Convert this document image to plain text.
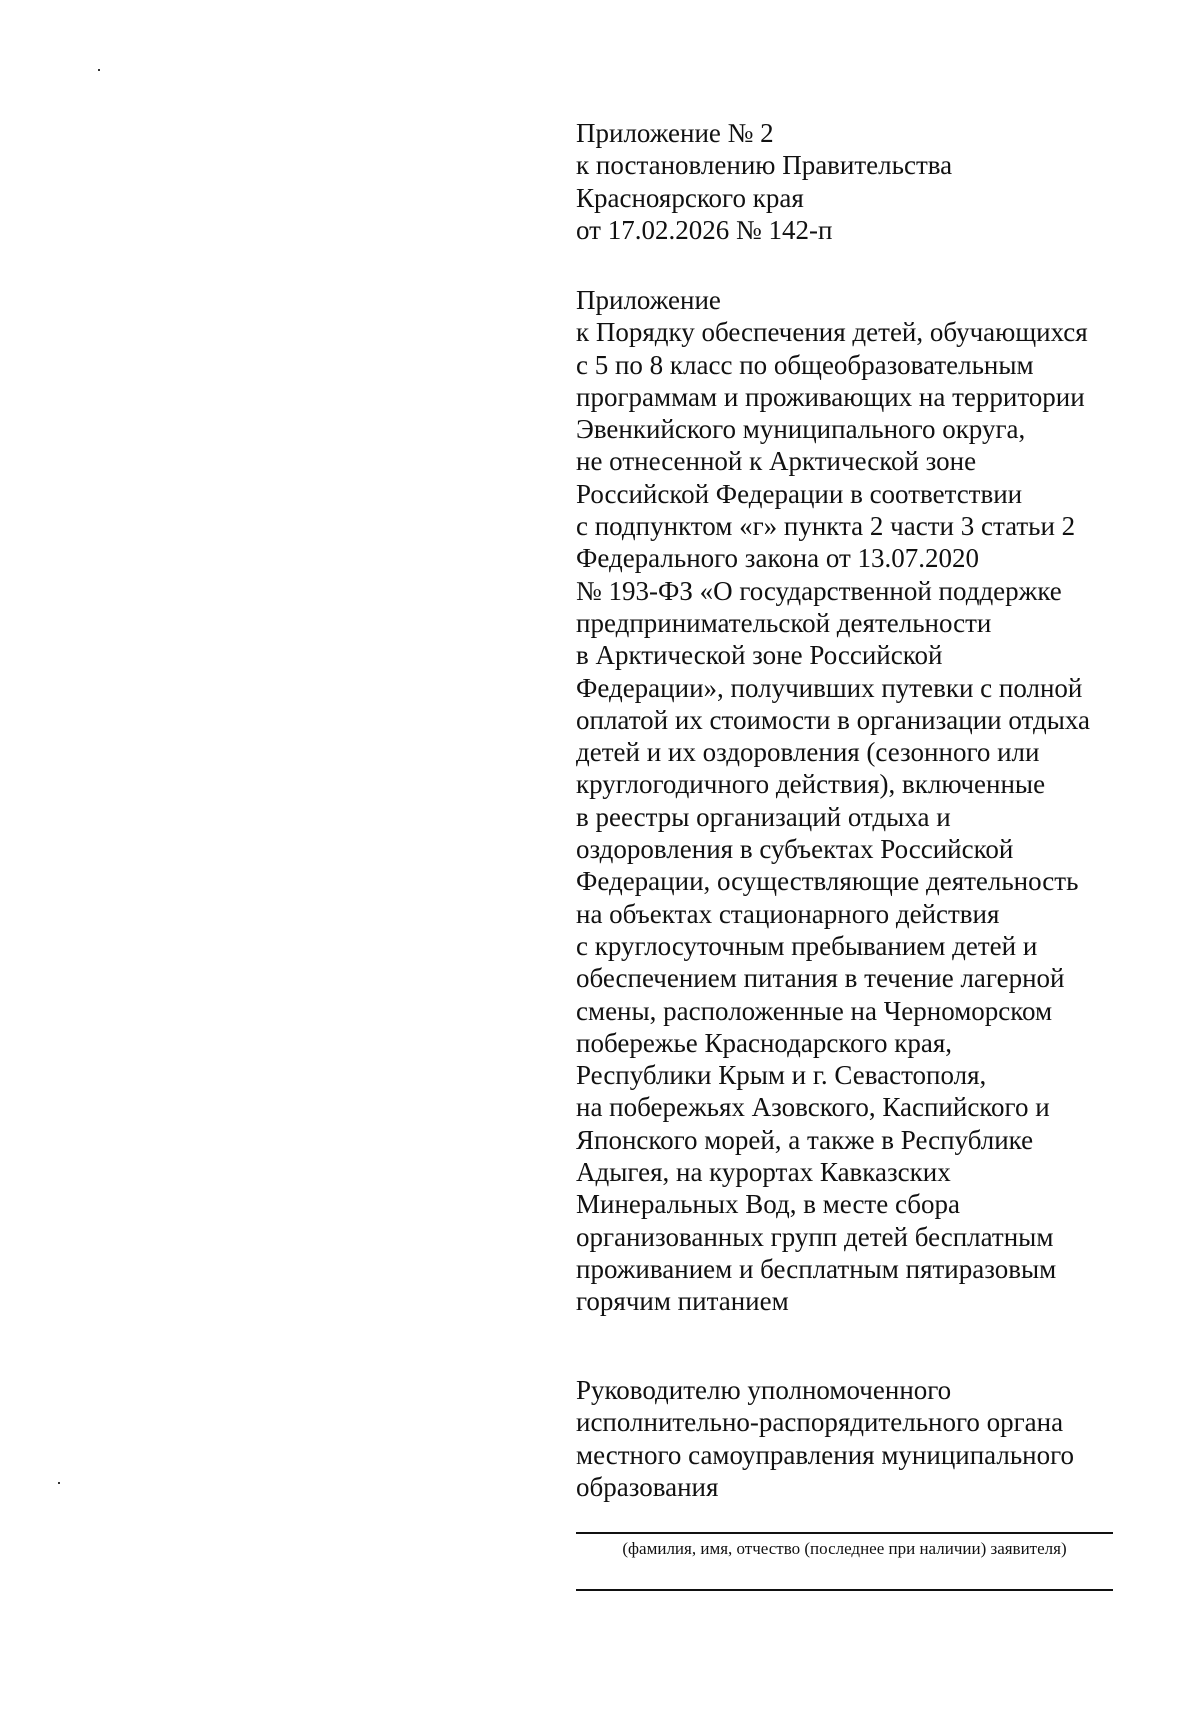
Приложение № 2
к постановлению Правительства
Красноярского края
от 17.02.2026 № 142-п
Приложение
к Порядку обеспечения детей, обучающихся
с 5 по 8 класс по общеобразовательным
программам и проживающих на территории
Эвенкийского муниципального округа,
не отнесенной к Арктической зоне
Российской Федерации в соответствии
с подпунктом «г» пункта 2 части 3 статьи 2
Федерального закона от 13.07.2020
№ 193-ФЗ «О государственной поддержке
предпринимательской деятельности
в Арктической зоне Российской
Федерации», получивших путевки с полной
оплатой их стоимости в организации отдыха
детей и их оздоровления (сезонного или
круглогодичного действия), включенные
в реестры организаций отдыха и
оздоровления в субъектах Российской
Федерации, осуществляющие деятельность
на объектах стационарного действия
с круглосуточным пребыванием детей и
обеспечением питания в течение лагерной
смены, расположенные на Черноморском
побережье Краснодарского края,
Республики Крым и г. Севастополя,
на побережьях Азовского, Каспийского и
Японского морей, а также в Республике
Адыгея, на курортах Кавказских
Минеральных Вод, в месте сбора
организованных групп детей бесплатным
проживанием и бесплатным пятиразовым
горячим питанием
Руководителю уполномоченного
исполнительно-распорядительного органа
местного самоуправления муниципального
образования
(фамилия, имя, отчество (последнее при наличии) заявителя)
